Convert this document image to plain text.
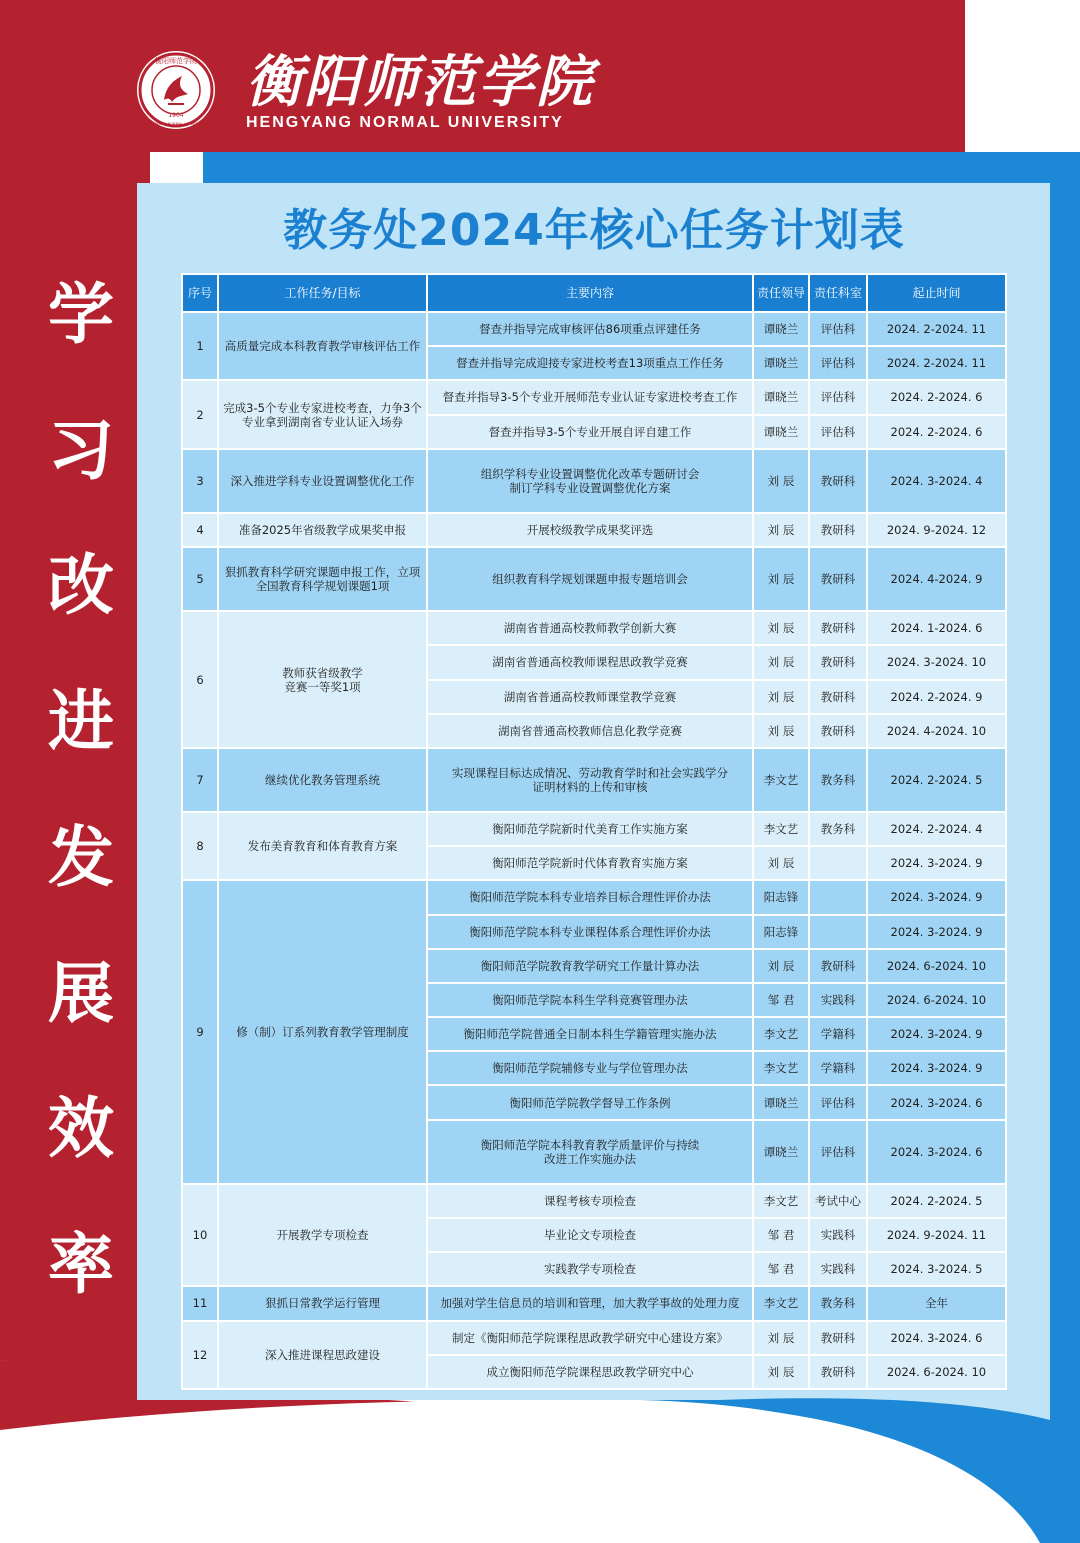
1904
衡阳师范学院
HENGYANG NORMAL UNIVERSITY
衡阳师范学院
HENGYANG NORMAL UNIVERSITY
学
习
改
进
发
展
效
率
教务处2024年核心任务计划表
序号	工作任务/目标	主要内容	责任领导	责任科室	起止时间
1	高质量完成本科教育教学审核评估工作	督查并指导完成审核评估86项重点评建任务	谭晓兰	评估科	2024. 2-2024. 11
		督查并指导完成迎接专家进校考查13项重点工作任务	谭晓兰	评估科	2024. 2-2024. 11
2	完成3-5个专业专家进校考查，力争3个
专业拿到湖南省专业认证入场券	督查并指导3-5个专业开展师范专业认证专家进校考查工作	谭晓兰	评估科	2024. 2-2024. 6
		督查并指导3-5个专业开展自评自建工作	谭晓兰	评估科	2024. 2-2024. 6
3	深入推进学科专业设置调整优化工作	组织学科专业设置调整优化改革专题研讨会
制订学科专业设置调整优化方案	刘 辰	教研科	2024. 3-2024. 4
4	准备2025年省级教学成果奖申报	开展校级教学成果奖评选	刘 辰	教研科	2024. 9-2024. 12
5	狠抓教育科学研究课题申报工作，立项
全国教育科学规划课题1项	组织教育科学规划课题申报专题培训会	刘 辰	教研科	2024. 4-2024. 9
6	教师获省级教学
竞赛一等奖1项	湖南省普通高校教师教学创新大赛	刘 辰	教研科	2024. 1-2024. 6
		湖南省普通高校教师课程思政教学竞赛	刘 辰	教研科	2024. 3-2024. 10
		湖南省普通高校教师课堂教学竞赛	刘 辰	教研科	2024. 2-2024. 9
		湖南省普通高校教师信息化教学竞赛	刘 辰	教研科	2024. 4-2024. 10
7	继续优化教务管理系统	实现课程目标达成情况、劳动教育学时和社会实践学分
证明材料的上传和审核	李文艺	教务科	2024. 2-2024. 5
8	发布美育教育和体育教育方案	衡阳师范学院新时代美育工作实施方案	李文艺	教务科	2024. 2-2024. 4
		衡阳师范学院新时代体育教育实施方案	刘 辰		2024. 3-2024. 9
9	修（制）订系列教育教学管理制度	衡阳师范学院本科专业培养目标合理性评价办法	阳志锋		2024. 3-2024. 9
		衡阳师范学院本科专业课程体系合理性评价办法	阳志锋		2024. 3-2024. 9
		衡阳师范学院教育教学研究工作量计算办法	刘 辰	教研科	2024. 6-2024. 10
		衡阳师范学院本科生学科竞赛管理办法	邹 君	实践科	2024. 6-2024. 10
		衡阳师范学院普通全日制本科生学籍管理实施办法	李文艺	学籍科	2024. 3-2024. 9
		衡阳师范学院辅修专业与学位管理办法	李文艺	学籍科	2024. 3-2024. 9
		衡阳师范学院教学督导工作条例	谭晓兰	评估科	2024. 3-2024. 6
		衡阳师范学院本科教育教学质量评价与持续
改进工作实施办法	谭晓兰	评估科	2024. 3-2024. 6
10	开展教学专项检查	课程考核专项检查	李文艺	考试中心	2024. 2-2024. 5
		毕业论文专项检查	邹 君	实践科	2024. 9-2024. 11
		实践教学专项检查	邹 君	实践科	2024. 3-2024. 5
11	狠抓日常教学运行管理	加强对学生信息员的培训和管理，加大教学事故的处理力度	李文艺	教务科	全年
12	深入推进课程思政建设	制定《衡阳师范学院课程思政教学研究中心建设方案》	刘 辰	教研科	2024. 3-2024. 6
		成立衡阳师范学院课程思政教学研究中心	刘 辰	教研科	2024. 6-2024. 10
